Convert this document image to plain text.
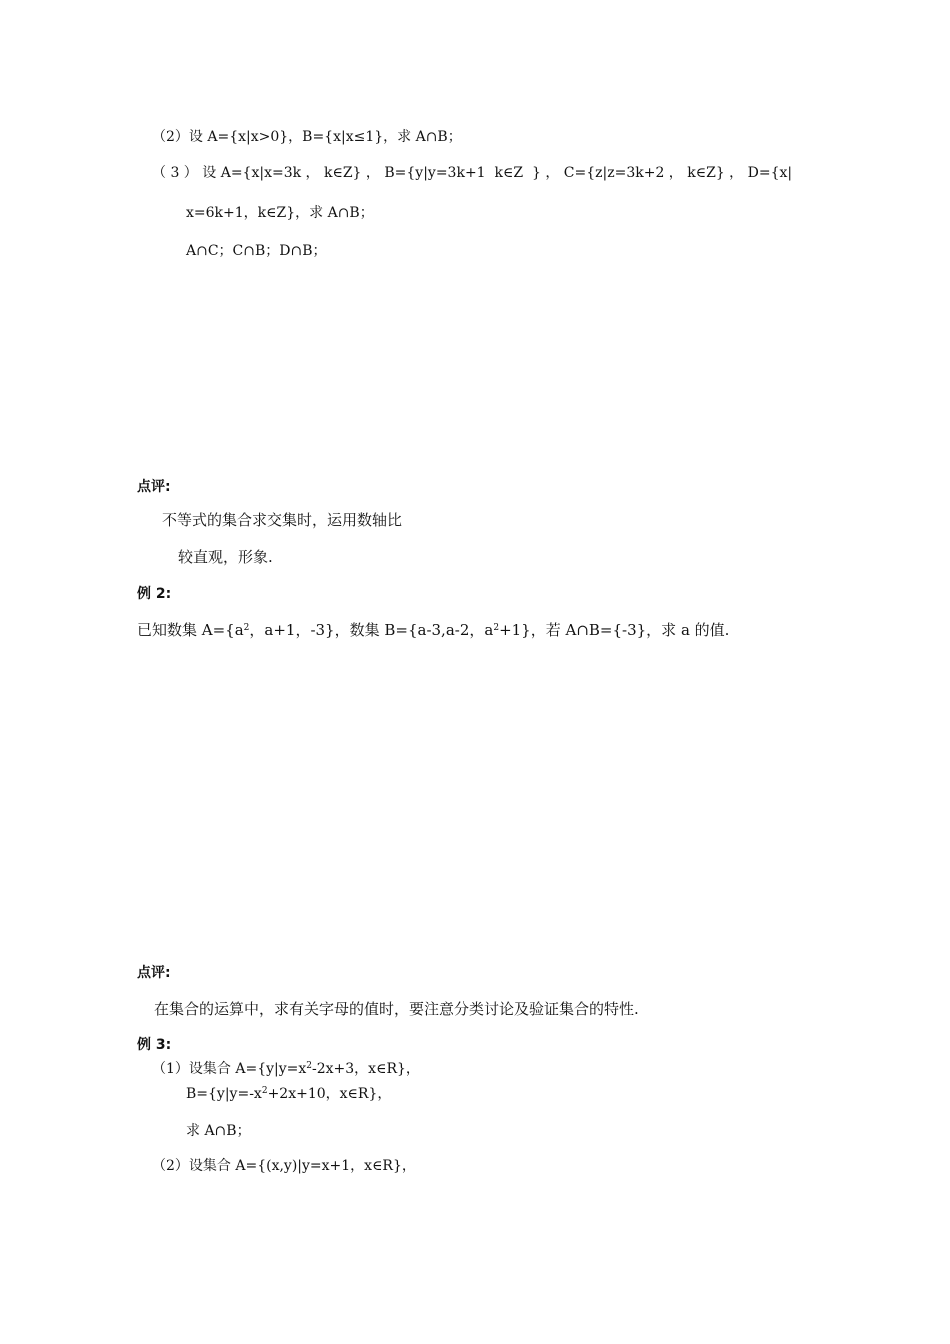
（2）设 A={x|x>0}，B={x|x≤1}，求 A∩B；
（ 3 ） 设 A={x|x=3k ， k∈Z} ， B={y|y=3k+1  k∈Z  } ， C={z|z=3k+2 ， k∈Z} ， D={x|
x=6k+1，k∈Z}，求 A∩B；
A∩C；C∩B；D∩B；
点评:
不等式的集合求交集时，运用数轴比
较直观，形象.
例 2:
已知数集 $A=\{a^2$，a+1，-3}，数集 B={a-3,a-2，$a^2+1$}，若 A∩B={-3}，求 a 的值.
点评:
在集合的运算中，求有关字母的值时，要注意分类讨论及验证集合的特性.
例 3:
（1）设集合 $A=\{y|y=x^2-2x+3$，x∈R}，
$B=\{y|y=-x^2+2x+10$，x∈R}，
求 A∩B；
（2）设集合 A={(x,y)|y=x+1，x∈R}，
